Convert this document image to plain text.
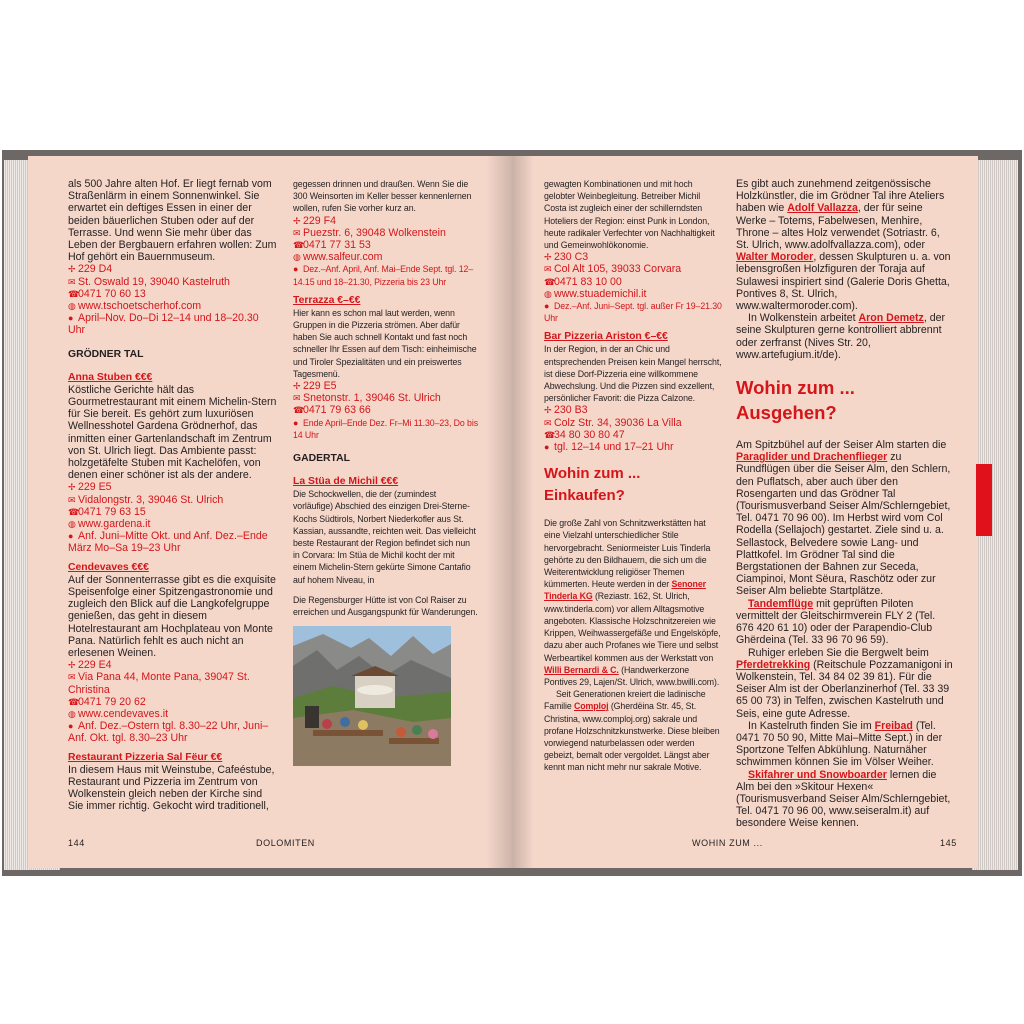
als 500 Jahre alten Hof. Er liegt fernab vom Straßenlärm in einem Sonnenwinkel. Sie erwartet ein deftiges Essen in einer der beiden bäuerlichen Stuben oder auf der Terrasse. Und wenn Sie mehr über das Leben der Bergbauern erfahren wollen: Zum Hof gehört ein Bauernmuseum.

✢ 229 D4

✉ St. Oswald 19, 39040 Kastelruth

☎0471 70 60 13

◍ www.tschoetscherhof.com

● April–Nov. Do–Di 12–14 und 18–20.30 Uhr

GRÖDNER TAL

Anna Stuben €€€

Köstliche Gerichte hält das Gourmetrestaurant mit einem Michelin-Stern für Sie bereit. Es gehört zum luxuriösen Wellnesshotel Gardena Grödnerhof, das inmitten einer Gartenlandschaft im Zentrum von St. Ulrich liegt. Das Ambiente passt: holzgetäfelte Stuben mit Kachelöfen, von denen einer schöner ist als der andere.

✢ 229 E5

✉ Vidalongstr. 3, 39046 St. Ulrich

☎0471 79 63 15

◍ www.gardena.it

● Anf. Juni–Mitte Okt. und Anf. Dez.–Ende März Mo–Sa 19–23 Uhr

Cendevaves €€€

Auf der Sonnenterrasse gibt es die exquisite Speisenfolge einer Spitzengastronomie und zugleich den Blick auf die Langkofelgruppe genießen, das geht in diesem Hotelrestaurant am Hochplateau von Monte Pana. Natürlich fehlt es auch nicht an erlesenen Weinen.

✢ 229 E4

✉ Via Pana 44, Monte Pana, 39047 St. Christina

☎0471 79 20 62

◍ www.cendevaves.it

● Anf. Dez.–Ostern tgl. 8.30–22 Uhr, Juni–Anf. Okt. tgl. 8.30–23 Uhr

Restaurant Pizzeria Sal Fëur €€

In diesem Haus mit Weinstube, Cafeéstube, Restaurant und Pizzeria im Zentrum von Wolkenstein gleich neben der Kirche sind Sie immer richtig. Gekocht wird traditionell,

gegessen drinnen und draußen. Wenn Sie die 300 Weinsorten im Keller besser kennenlernen wollen, rufen Sie vorher kurz an.

✢ 229 F4

✉ Puezstr. 6, 39048 Wolkenstein

☎0471 77 31 53

◍ www.salfeur.com

● Dez.–Anf. April, Anf. Mai–Ende Sept. tgl. 12–14.15 und 18–21.30, Pizzeria bis 23 Uhr

Terrazza €–€€

Hier kann es schon mal laut werden, wenn Gruppen in die Pizzeria strömen. Aber dafür haben Sie auch schnell Kontakt und fast noch schneller Ihr Essen auf dem Tisch: einheimische und Tiroler Spezialitäten und ein preiswertes Tagesmenü.

✢ 229 E5

✉ Snetonstr. 1, 39046 St. Ulrich

☎0471 79 63 66

● Ende April–Ende Dez. Fr–Mi 11.30–23, Do bis 14 Uhr

GADERTAL

La Stüa de Michil €€€

Die Schockwellen, die der (zumindest vorläufige) Abschied des einzigen Drei-Sterne-Kochs Südtirols, Norbert Niederkofler aus St. Kassian, aussandte, reichten weit. Das vielleicht beste Restaurant der Region befindet sich nun in Corvara: Im Stüa de Michil kocht der mit einem Michelin-Stern gekürte Simone Cantafio auf hohem Niveau, in

Die Regensburger Hütte ist von Col Raiser zu erreichen und Ausgangspunkt für Wanderungen.

144	DOLOMITEN

gewagten Kombinationen und mit hoch gelobter Weinbegleitung. Betreiber Michil Costa ist zugleich einer der schillerndsten Hoteliers der Region: einst Punk in London, heute radikaler Verfechter von Nachhaltigkeit und Gemeinwohlökonomie.

✢ 230 C3

✉ Col Alt 105, 39033 Corvara

☎0471 83 10 00

◍ www.stuademichil.it

● Dez.–Anf. Juni–Sept. tgl. außer Fr 19–21.30 Uhr

Bar Pizzeria Ariston €–€€

In der Region, in der an Chic und entsprechenden Preisen kein Mangel herrscht, ist diese Dorf-Pizzeria eine willkommene Abwechslung. Und die Pizzen sind exzellent, persönlicher Favorit: die Pizza Calzone.

✢ 230 B3

✉ Colz Str. 34, 39036 La Villa

☎34 80 30 80 47

● tgl. 12–14 und 17–21 Uhr

Wohin zum ... Einkaufen?

Die große Zahl von Schnitzwerkstätten hat eine Vielzahl unterschiedlicher Stile hervorgebracht. Seniormeister Luis Tinderla gehörte zu den Bildhauern, die sich um die Weiterentwicklung religiöser Themen kümmerten. Heute werden in der Senoner Tinderla KG (Reziastr. 162, St. Ulrich, www.tinderla.com) vor allem Alltagsmotive angeboten. Klassische Holzschnitzereien wie Krippen, Weihwassergefäße und Engelsköpfe, dazu aber auch Profanes wie Tiere und selbst Werbeartikel kommen aus der Werkstatt von Willi Bernardi & C. (Handwerkerzone Pontives 29, Lajen/St. Ulrich, www.bwilli.com).

Seit Generationen kreiert die ladinische Familie Comploj (Gherdëina Str. 45, St. Christina, www.comploj.org) sakrale und profane Holzschnitzkunstwerke. Diese bleiben vorwiegend naturbelassen oder werden gebeizt, bemalt oder vergoldet. Längst aber kennt man nicht mehr nur sakrale Motive.

Es gibt auch zunehmend zeitgenössische Holzkünstler, die im Grödner Tal ihre Ateliers haben wie Adolf Vallazza, der für seine Werke – Totems, Fabelwesen, Menhire, Throne – altes Holz verwendet (Sotriastr. 6, St. Ulrich, www.adolfvallazza.com), oder Walter Moroder, dessen Skulpturen u. a. von lebensgroßen Holzfiguren der Toraja auf Sulawesi inspiriert sind (Galerie Doris Ghetta, Pontives 8, St. Ulrich, www.waltermoroder.com).

In Wolkenstein arbeitet Aron Demetz, der seine Skulpturen gerne kontrolliert abbrennt oder zerfranst (Nives Str. 20, www.artefugium.it/de).

Wohin zum ... Ausgehen?

Am Spitzbühel auf der Seiser Alm starten die Paraglider und Drachenflieger zu Rundflügen über die Seiser Alm, den Schlern, den Puflatsch, aber auch über den Rosengarten und das Grödner Tal (Tourismusverband Seiser Alm/Schlerngebiet, Tel. 0471 70 96 00). Im Herbst wird vom Col Rodella (Sellajoch) gestartet. Ziele sind u. a. Sellastock, Belvedere sowie Lang- und Plattkofel. Im Grödner Tal sind die Bergstationen der Bahnen zur Seceda, Ciampinoi, Mont Sëura, Raschötz oder zur Seiser Alm beliebte Startplätze.

Tandemflüge mit geprüften Piloten vermittelt der Gleitschirmverein FLY 2 (Tel. 676 420 61 10) oder der Parapendio-Club Ghërdeina (Tel. 33 96 70 96 59).

Ruhiger erleben Sie die Bergwelt beim Pferdetrekking (Reitschule Pozzamanigoni in Wolkenstein, Tel. 34 84 02 39 81). Für die Seiser Alm ist der Oberlanzinerhof (Tel. 33 39 65 00 73) in Telfen, zwischen Kastelruth und Seis, eine gute Adresse.

In Kastelruth finden Sie im Freibad (Tel. 0471 70 50 90, Mitte Mai–Mitte Sept.) in der Sportzone Telfen Abkühlung. Naturnäher schwimmen können Sie im Völser Weiher.

Skifahrer und Snowboarder lernen die Alm bei den »Skitour Hexen« (Tourismusverband Seiser Alm/Schlerngebiet, Tel. 0471 70 96 00, www.seiseralm.it) auf besondere Weise kennen.

WOHIN ZUM ...	145
